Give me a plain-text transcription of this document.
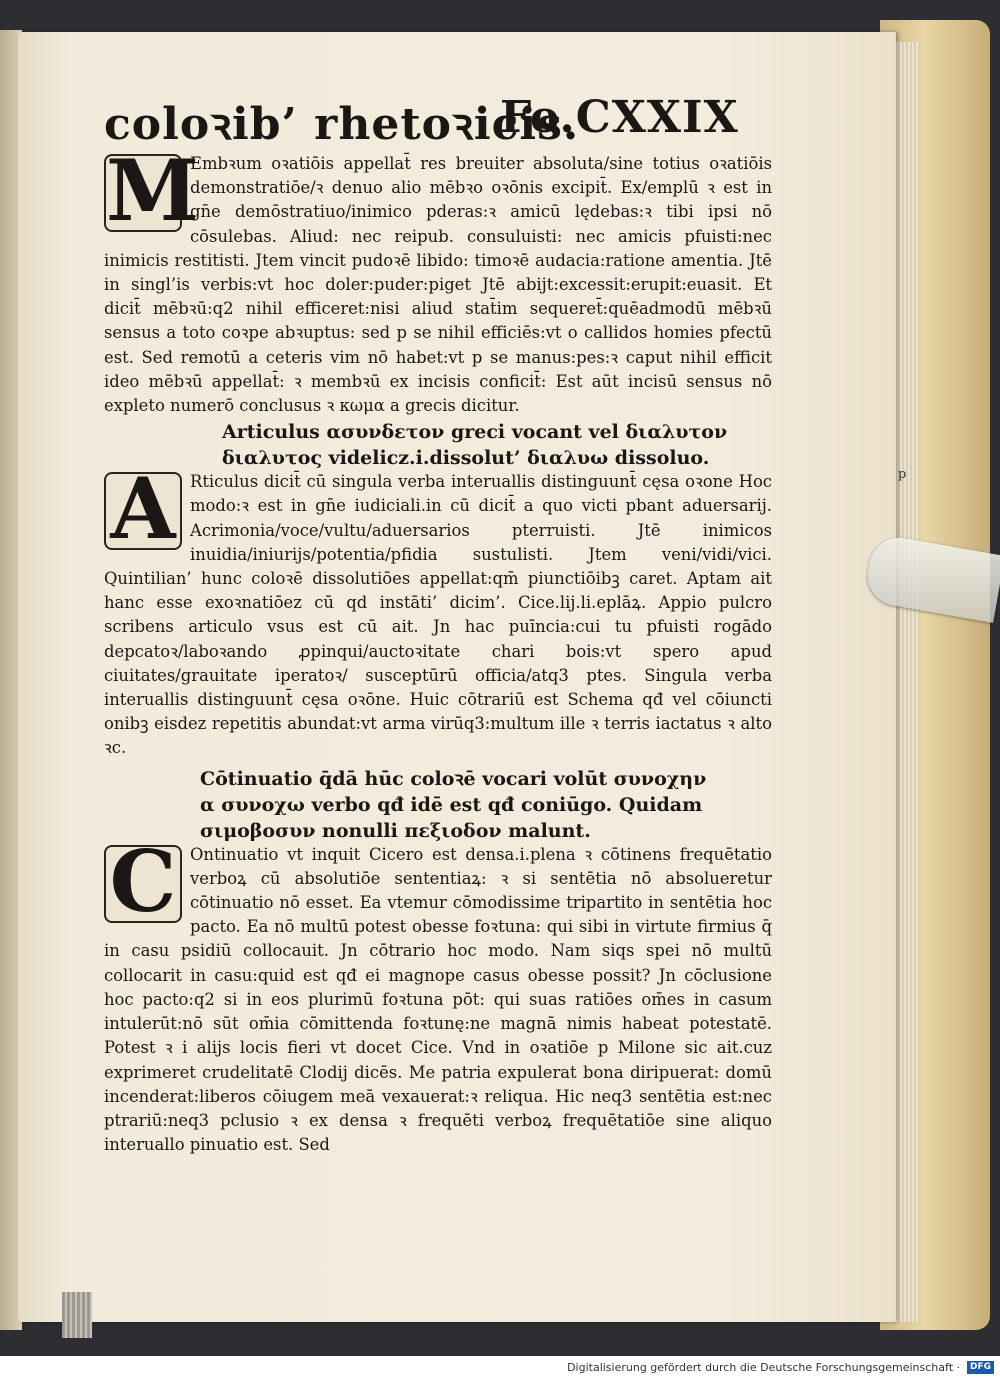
coloꝛib’ rhetoꝛicis.
Fo.CXXIX
M
Embꝛum oꝛatiōis appellat̄ res breuiter absoluta/sine totius oꝛatiōis demonstratiōe/ꝛ denuo alio mēbꝛo oꝛōnis excipit̄. Ex/emplū ꝛ est in gn̄e demōstratiuo/inimico pderas:ꝛ amicū lędebas:ꝛ tibi ipsi nō cōsulebas. Aliud: nec reipub. consuluisti: nec amicis pfuisti:nec inimicis restitisti. Jtem vincit pudoꝛē libido: timoꝛē audacia:ratione amentia. Jtē in singl’is verbis:vt hoc doler:puder:piget Jtē abijt:excessit:erupit:euasit. Et dicit̄ mēbꝛū:q2 nihil efficeret:nisi aliud stat̄im sequeret̄:quēadmodū mēbꝛū sensus a toto coꝛpe abꝛuptus: sed p se nihil efficiēs:vt o callidos homies pfectū est. Sed remotū a ceteris vim nō habet:vt p se manus:pes:ꝛ caput nihil efficit ideo mēbꝛū appellat̄: ꝛ membꝛū ex incisis conficit̄: Est aūt incisū sensus nō expleto numerō conclusus ꝛ κωμα a grecis dicitur.
Articulus ασυνδετον greci vocant vel διαλυτον
διαλυτος videlicz.i.dissolut’ διαλυω dissoluo.
A Rticulus dicit̄ cū singula verba interuallis distinguunt̄ cęsa oꝛone Hoc modo:ꝛ est in gn̄e iudiciali.in cū dicit̄ a quo victi pbant aduersarij. Acrimonia/voce/vultu/aduersarios pterruisti. Jtē inimicos inuidia/iniurijs/potentia/pfidia sustulisti. Jtem veni/vidi/vici. Quintilian’ hunc coloꝛē dissolutiōes appellat:qm̄ piunctiōibꝫ caret. Aptam ait hanc esse exoꝛnatiōez cū qd instāti’ dicim’. Cice.lij.li.eplāꝝ. Appio pulcro scribens articulo vsus est cū ait. Jn hac puīncia:cui tu pfuisti rogādo depcatoꝛ/laboꝛando ꝓpinqui/auctoꝛitate chari bois:vt spero apud ciuitates/grauitate iperatoꝛ/ susceptūrū officia/atq3 ptes. Singula verba interuallis distinguunt̄ cęsa oꝛōne. Huic cōtrariū est Schema qđ vel cōiuncti onibꝫ eisdez repetitis abundat:vt arma virūq3:multum ille ꝛ terris iactatus ꝛ alto ꝛc.
Cōtinuatio q̄dā hūc coloꝛē vocari volūt συνοχην
α συνοχω verbo qđ idē est qđ coniūgo. Quidam
σιμοβοσυν nonulli πεξιοδον malunt.
C Ontinuatio vt inquit Cicero est densa.i.plena ꝛ cōtinens frequētatio verboꝝ cū absolutiōe sententiaꝝ: ꝛ si sentētia nō absolueretur cōtinuatio nō esset. Ea vtemur cōmodissime tripartito in sentētia hoc pacto. Ea nō multū potest obesse foꝛtuna: qui sibi in virtute firmius q̄ in casu psidiū collocauit. Jn cōtrario hoc modo. Nam siqs spei nō multū collocarit in casu:quid est qđ ei magnope casus obesse possit? Jn cōclusione hoc pacto:q2 si in eos plurimū foꝛtuna pōt: qui suas ratiōes om̄es in casum intulerūt:nō sūt om̄ia cōmittenda foꝛtunę:ne magnā nimis habeat potestatē. Potest ꝛ i alijs locis fieri vt docet Cice. Vnd in oꝛatiōe p Milone sic ait.cuz exprimeret crudelitatē Clodij dicēs. Me patria expulerat bona diripuerat: domū incenderat:liberos cōiugem meā vexauerat:ꝛ reliqua. Hic neq3 sentētia est:nec ptrariū:neq3 pclusio ꝛ ex densa ꝛ frequēti verboꝝ frequētatiōe sine aliquo interuallo pinuatio est. Sed
p
Digitalisierung gefördert durch die Deutsche Forschungsgemeinschaft ·	DFG
